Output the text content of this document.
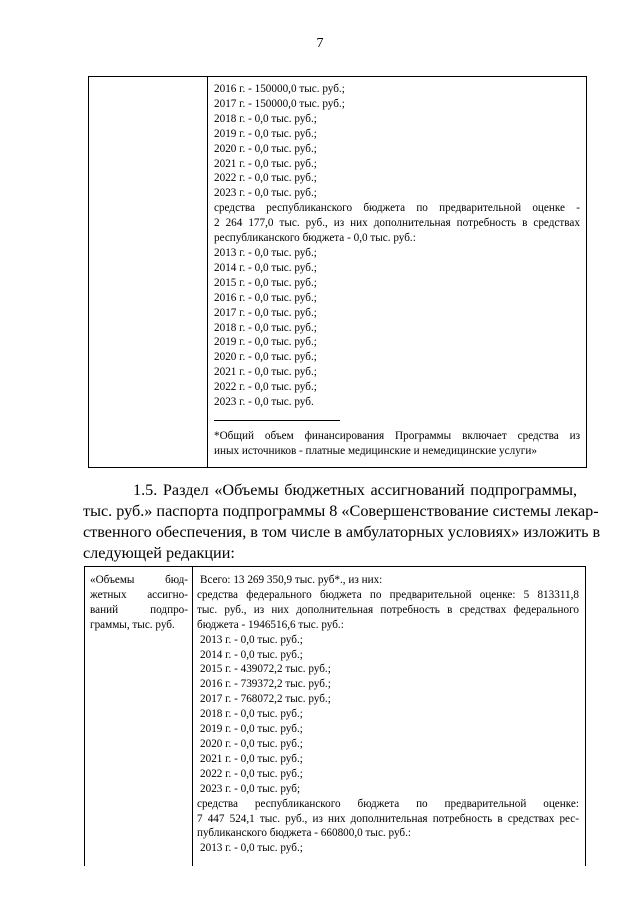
7

2016 г. - 150000,0 тыс. руб.;
2017 г. - 150000,0 тыс. руб.;
2018 г. - 0,0 тыс. руб.;
2019 г. - 0,0 тыс. руб.;
2020 г. - 0,0 тыс. руб.;
2021 г. - 0,0 тыс. руб.;
2022 г. - 0,0 тыс. руб.;
2023 г. - 0,0 тыс. руб.;
средства республиканского бюджета по предварительной оценке -
2 264 177,0 тыс. руб., из них дополнительная потребность в средствах
республиканского бюджета - 0,0 тыс. руб.:
2013 г. - 0,0 тыс. руб.;
2014 г. - 0,0 тыс. руб.;
2015 г. - 0,0 тыс. руб.;
2016 г. - 0,0 тыс. руб.;
2017 г. - 0,0 тыс. руб.;
2018 г. - 0,0 тыс. руб.;
2019 г. - 0,0 тыс. руб.;
2020 г. - 0,0 тыс. руб.;
2021 г. - 0,0 тыс. руб.;
2022 г. - 0,0 тыс. руб.;
2023 г. - 0,0 тыс. руб.
*Общий объем финансирования Программы включает средства из
иных источников - платные медицинские и немедицинские услуги»
1.5. Раздел «Объемы бюджетных ассигнований подпрограммы,
тыс. руб.» паспорта подпрограммы 8 «Совершенствование системы лекар-
ственного обеспечения, в том числе в амбулаторных условиях» изложить в
следующей редакции:
«Объемы бюд-
жетных ассигно-
ваний подпро-
граммы, тыс. руб.

Всего: 13 269 350,9 тыс. руб*., из них:
средства федерального бюджета по предварительной оценке: 5 813311,8
тыс. руб., из них дополнительная потребность в средствах федерального
бюджета - 1946516,6 тыс. руб.:
2013 г. - 0,0 тыс. руб.;
2014 г. - 0,0 тыс. руб.;
2015 г. - 439072,2 тыс. руб.;
2016 г. - 739372,2 тыс. руб.;
2017 г. - 768072,2 тыс. руб.;
2018 г. - 0,0 тыс. руб.;
2019 г. - 0,0 тыс. руб.;
2020 г. - 0,0 тыс. руб.;
2021 г. - 0,0 тыс. руб.;
2022 г. - 0,0 тыс. руб.;
2023 г. - 0,0 тыс. руб;
средства республиканского бюджета по предварительной оценке:
7 447 524,1 тыс. руб., из них дополнительная потребность в средствах рес-
публиканского бюджета - 660800,0 тыс. руб.:
2013 г. - 0,0 тыс. руб.;
